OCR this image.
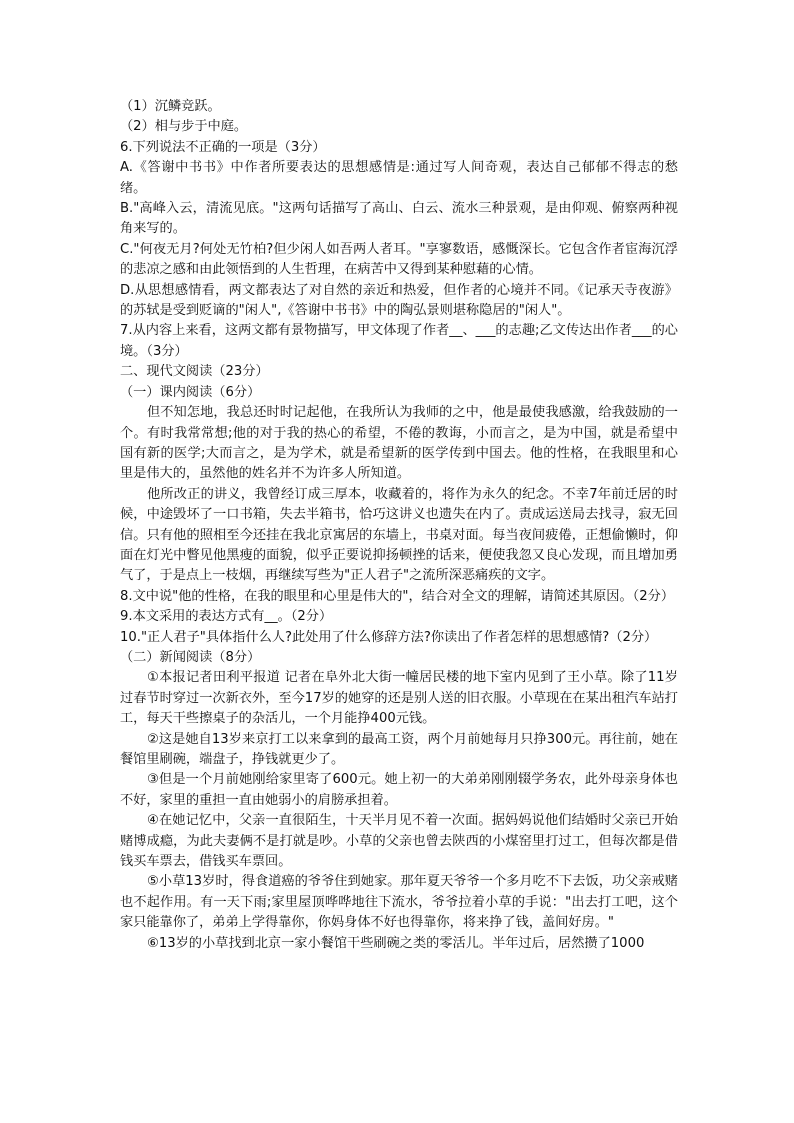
（1）沉鳞竞跃。
（2）相与步于中庭。
6.下列说法不正确的一项是（3分）
A.《答谢中书书》中作者所要表达的思想感情是:通过写人间奇观，表达自己郁郁不得志的愁绪。
B."高峰入云，清流见底。"这两句话描写了高山、白云、流水三种景观，是由仰观、俯察两种视角来写的。
C."何夜无月?何处无竹柏?但少闲人如吾两人者耳。"享寥数语，感慨深长。它包含作者宦海沉浮的悲凉之感和由此领悟到的人生哲理，在病苦中又得到某种慰藉的心情。
D.从思想感情看，两文都表达了对自然的亲近和热爱，但作者的心境并不同。《记承天寺夜游》的苏轼是受到贬谪的"闲人",《答谢中书书》中的陶弘景则堪称隐居的"闲人"。
7.从内容上来看，这两文都有景物描写，甲文体现了作者__、___的志趣;乙文传达出作者___的心境。（3分）
二、现代文阅读（23分）
（一）课内阅读（6分）
但不知怎地，我总还时时记起他，在我所认为我师的之中，他是最使我感激，给我鼓励的一个。有时我常常想;他的对于我的热心的希望，不倦的教诲，小而言之，是为中国，就是希望中国有新的医学;大而言之，是为学术，就是希望新的医学传到中国去。他的性格，在我眼里和心里是伟大的，虽然他的姓名并不为许多人所知道。
他所改正的讲义，我曾经订成三厚本，收藏着的，将作为永久的纪念。不幸7年前迁居的时候，中途毁坏了一口书箱，失去半箱书，恰巧这讲义也遗失在内了。责成运送局去找寻，寂无回信。只有他的照相至今还挂在我北京寓居的东墙上，书桌对面。每当夜间疲倦，正想偷懒时，仰面在灯光中瞥见他黑瘦的面貌，似乎正要说抑扬顿挫的话来，便使我忽又良心发现，而且增加勇气了，于是点上一枝烟，再继续写些为"正人君子"之流所深恶痛疾的文字。
8.文中说"他的性格，在我的眼里和心里是伟大的"，结合对全文的理解，请简述其原因。（2分）
9.本文采用的表达方式有__。（2分）
10."正人君子"具体指什么人?此处用了什么修辞方法?你读出了作者怎样的思想感情?（2分）
（二）新闻阅读（8分）
①本报记者田利平报道 记者在阜外北大街一幢居民楼的地下室内见到了王小草。除了11岁过春节时穿过一次新衣外，至今17岁的她穿的还是别人送的旧衣服。小草现在在某出租汽车站打工，每天干些擦桌子的杂活儿，一个月能挣400元钱。
②这是她自13岁来京打工以来拿到的最高工资，两个月前她每月只挣300元。再往前，她在餐馆里刷碗，端盘子，挣钱就更少了。
③但是一个月前她刚给家里寄了600元。她上初一的大弟弟刚刚辍学务农，此外母亲身体也不好，家里的重担一直由她弱小的肩膀承担着。
④在她记忆中，父亲一直很陌生，十天半月见不着一次面。据妈妈说他们结婚时父亲已开始赌博成瘾，为此夫妻俩不是打就是吵。小草的父亲也曾去陕西的小煤窑里打过工，但每次都是借钱买车票去，借钱买车票回。
⑤小草13岁时，得食道癌的爷爷住到她家。那年夏天爷爷一个多月吃不下去饭，功父亲戒赌也不起作用。有一天下雨;家里屋顶哗哗地往下流水，爷爷拉着小草的手说："出去打工吧，这个家只能靠你了，弟弟上学得靠你，你妈身体不好也得靠你，将来挣了钱，盖间好房。"
⑥13岁的小草找到北京一家小餐馆干些刷碗之类的零活儿。半年过后，居然攒了1000
